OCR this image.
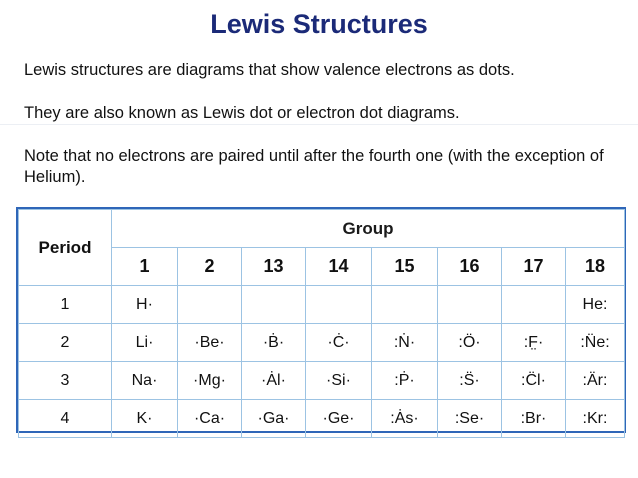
Lewis Structures
Lewis structures are diagrams that show valence electrons as dots.
They are also known as Lewis dot or electron dot diagrams.
Note that no electrons are paired until after the fourth one (with the exception of Helium).
Period	Group							
	1	2	13	14	15	16	17	18
1	H·							He:
2	Li·	·Be·	·Ḃ·	·Ċ·	:Ṅ·	:Ö·	:F̤·	:N̈e:
3	Na·	·Mg·	·Ȧl·	·Si·	:Ṗ·	:S̈·	:C̈l·	:Är:
4	K·	·Ca·	·Ga·	·Ge·	:Ȧs·	:Se·	:Br·	:Kr:
